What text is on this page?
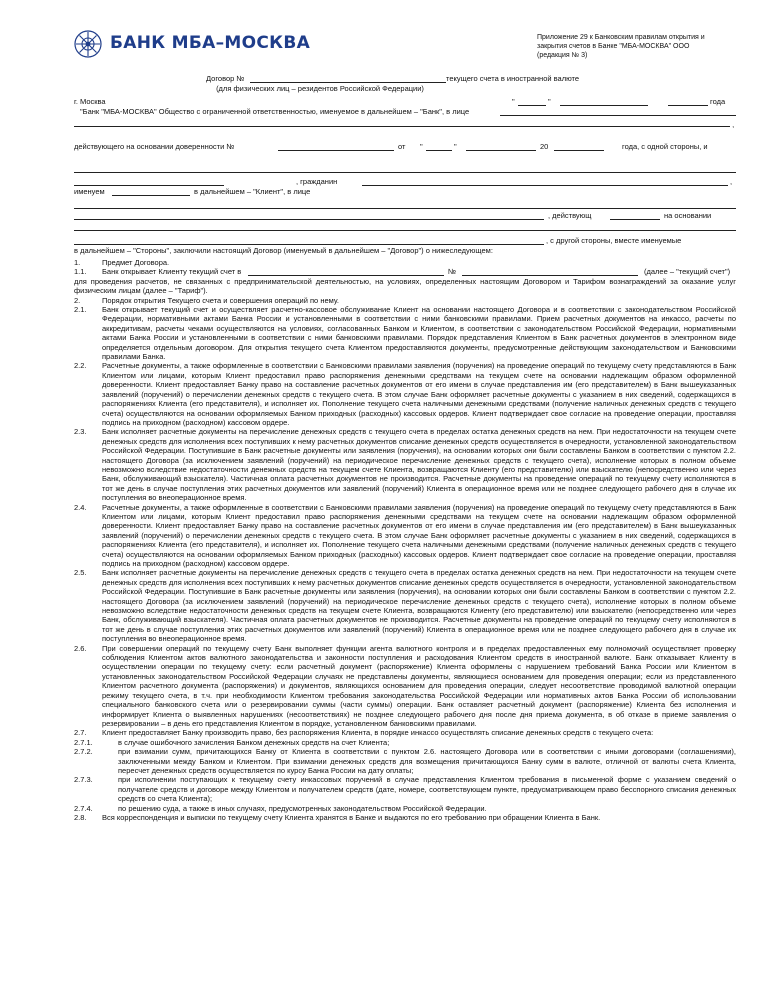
БАНК МБА–МОСКВА	Приложение 29 к Банковским правилам открытия и
закрытия счетов в Банке "МБА-МОСКВА" ООО
(редакция № 3)
Договор №	текущего счета в иностранной валюте
(для физических лиц – резидентов Российской Федерации)
г. Москва	"	"	года
"Банк "МБА-МОСКВА" Общество с ограниченной ответственностью, именуемое в дальнейшем – "Банк", в лице
,
действующего на основании доверенности №	от "	"	20	года, с одной стороны, и
, гражданин	,
именуем	в дальнейшем – "Клиент", в лице
, действующ	на основании
, с другой стороны, вместе именуемые
в дальнейшем – "Стороны", заключили настоящий Договор (именуемый в дальнейшем – "Договор") о нижеследующем:
1.	Предмет Договора.
1.1.	Банк открывает Клиенту текущий счет в	№	(далее – "текущий счет")

для проведения расчетов, не связанных с предпринимательской деятельностью, на условиях, определенных настоящим Договором и Тарифом вознаграждений за оказание услуг физическим лицам (далее – "Тариф").

2.	Порядок открытия Текущего счета и совершения операций по нему.
2.1.	Банк открывает текущий счет и осуществляет расчетно-кассовое обслуживание Клиент на основании настоящего Договора и в соответствии с законодательством Российской Федерации, нормативными актами Банка России и установленными в соответствии с ними банковскими правилами. Прием расчетных документов на инкассо, расчеты по аккредитивам, расчеты чеками осуществляются на условиях, согласованных Банком и Клиентом, в соответствии с законодательством Российской Федерации, нормативными актами Банка России и установленными в соответствии с ними банковскими правилами. Порядок представления Клиентом в Банк расчетных документов в электронном виде определяется отдельным договором. Для открытия текущего счета Клиентом предоставляются документы, предусмотренные действующим законодательством и Банковскими правилами Банка.
2.2.	Расчетные документы, а также оформленные в соответствии с Банковскими правилами заявления (поручения) на проведение операций по текущему счету представляются в Банк Клиентом или лицами, которым Клиент предоставил право распоряжения денежными средствами на текущем счете на основании надлежащим образом оформленной доверенности. Клиент предоставляет Банку право на составление расчетных документов от его имени в случае представления им (его представителем) в Банк вышеуказанных заявлений (поручений) о перечислении денежных средств с текущего счета. В этом случае Банк оформляет расчетные документы с указанием в них сведений, содержащихся в распоряжениях Клиента (его представителя), и исполняет их. Пополнение текущего счета наличными денежными средствами (получение наличных денежных средств с текущего счета) осуществляются на основании оформляемых Банком приходных (расходных) кассовых ордеров. Клиент подтверждает свое согласие на проведение операции, проставляя подпись на приходном (расходном) кассовом ордере.
2.3.	Банк исполняет расчетные документы на перечисление денежных средств с текущего счета в пределах остатка денежных средств на нем. При недостаточности на текущем счете денежных средств для исполнения всех поступивших к нему расчетных документов списание денежных средств осуществляется в очередности, установленной законодательством Российской Федерации. Поступившие в Банк расчетные документы или заявления (поручения), на основании которых они были составлены Банком в соответствии с пунктом 2.2. настоящего Договора (за исключением заявлений (поручений) на периодическое перечисление денежных средств с текущего счета), исполнение которых в полном объеме невозможно вследствие недостаточности денежных средств на текущем счете Клиента, возвращаются Клиенту (его представителю) или взыскателю (непосредственно или через Банк, обслуживающий взыскателя). Частичная оплата расчетных документов не производится. Расчетные документы на проведение операций по текущему счету исполняются в тот же день в случае поступления этих расчетных документов или заявлений (поручений) Клиента в операционное время или не позднее следующего рабочего дня в случае их поступления во внеоперационное время.
2.4.	Расчетные документы, а также оформленные в соответствии с Банковскими правилами заявления (поручения) на проведение операций по текущему счету представляются в Банк Клиентом или лицами, которым Клиент предоставил право распоряжения денежными средствами на текущем счете на основании надлежащим образом оформленной доверенности. Клиент предоставляет Банку право на составление расчетных документов от его имени в случае представления им (его представителем) в Банк вышеуказанных заявлений (поручений) о перечислении денежных средств с текущего счета. В этом случае Банк оформляет расчетные документы с указанием в них сведений, содержащихся в распоряжениях Клиента (его представителя), и исполняет их. Пополнение текущего счета наличными денежными средствами (получение наличных денежных средств с текущего счета) осуществляются на основании оформляемых Банком приходных (расходных) кассовых ордеров. Клиент подтверждает свое согласие на проведение операции, проставляя подпись на приходном (расходном) кассовом ордере.
2.5.	Банк исполняет расчетные документы на перечисление денежных средств с текущего счета в пределах остатка денежных средств на нем. При недостаточности на текущем счете денежных средств для исполнения всех поступивших к нему расчетных документов списание денежных средств осуществляется в очередности, установленной законодательством Российской Федерации. Поступившие в Банк расчетные документы или заявления (поручения), на основании которых они были составлены Банком в соответствии с пунктом 2.2. настоящего Договора (за исключением заявлений (поручений) на периодическое перечисление денежных средств с текущего счета), исполнение которых в полном объеме невозможно вследствие недостаточности денежных средств на текущем счете Клиента, возвращаются Клиенту (его представителю) или взыскателю (непосредственно или через Банк, обслуживающий взыскателя). Частичная оплата расчетных документов не производится. Расчетные документы на проведение операций по текущему счету исполняются в тот же день в случае поступления этих расчетных документов или заявлений (поручений) Клиента в операционное время или не позднее следующего рабочего дня в случае их поступления во внеоперационное время.
2.6.	При совершении операций по текущему счету Банк выполняет функции агента валютного контроля и в пределах предоставленных ему полномочий осуществляет проверку соблюдения Клиентом актов валютного законодательства и законности поступления и расходования Клиентом средств в иностранной валюте. Банк отказывает Клиенту в осуществлении операции по текущему счету: если расчетный документ (распоряжение) Клиента оформлены с нарушением требований Банка России или Клиентом в установленных законодательством Российской Федерации случаях не представлены документы, являющиеся основанием для проведения операции; если из представленного Клиентом расчетного документа (распоряжения) и документов, являющихся основанием для проведения операции, следует несоответствие проводимой валютной операции режиму текущего счета, в т.ч. при необходимости Клиентом требования законодательства Российской Федерации или нормативных актов Банка России об использовании специального банковского счета или о резервировании суммы (части суммы) операции. Банк оставляет расчетный документ (распоряжение) Клиента без исполнения и информирует Клиента о выявленных нарушениях (несоответствиях) не позднее следующего рабочего дня после дня приема документа, в об отказе в приеме заявления о резервировании – в день его представления Клиентом в порядке, установленном банковскими правилами.
2.7.	Клиент предоставляет Банку производить право, без распоряжения Клиента, в порядке инкассо осуществлять списание денежных средств с текущего счета:
2.7.1.	в случае ошибочного зачисления Банком денежных средств на счет Клиента;
2.7.2.	при взимании сумм, причитающихся Банку от Клиента в соответствии с пунктом 2.6. настоящего Договора или в соответствии с иными договорами (соглашениями), заключенными между Банком и Клиентом. При взимании денежных средств для возмещения причитающихся Банку сумм в валюте, отличной от валюты счета Клиента, пересчет денежных средств осуществляется по курсу Банка России на дату оплаты;
2.7.3.	при исполнении поступающих к текущему счету инкассовых поручений в случае представления Клиентом требования в письменной форме с указанием сведений о получателе средств и договоре между Клиентом и получателем средств (дате, номере, соответствующем пункте, предусматривающем право бесспорного списания денежных средств со счета Клиента);
2.7.4.	по решению суда, а также в иных случаях, предусмотренных законодательством Российской Федерации.
2.8.	Вся корреспонденция и выписки по текущему счету Клиента хранятся в Банке и выдаются по его требованию при обращении Клиента в Банк.
